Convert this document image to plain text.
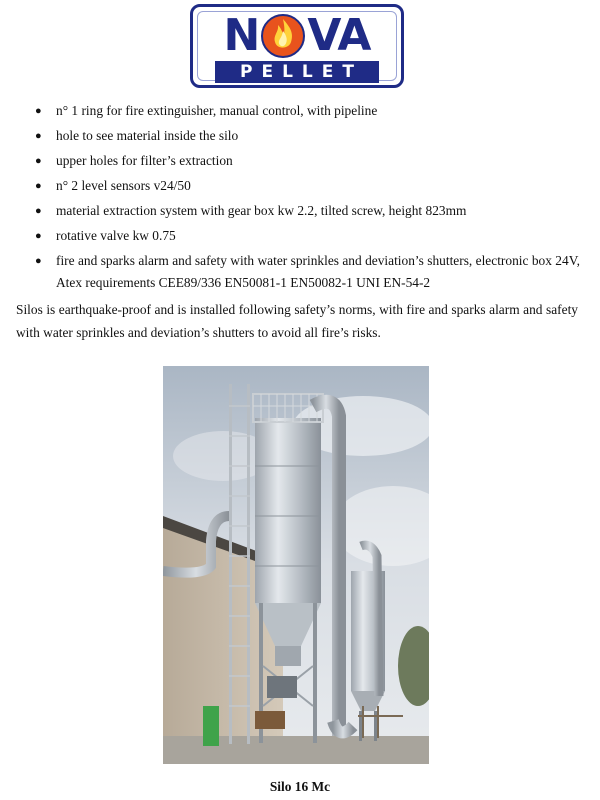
N VA
PELLET
● n° 1 ring for fire extinguisher, manual control, with pipeline
● hole to see material inside the silo
● upper holes for filter’s extraction
● n° 2 level sensors v24/50
● material extraction system with gear box kw 2.2, tilted screw, height 823mm
● rotative valve kw 0.75
● fire and sparks alarm and safety with water sprinkles and deviation’s shutters, electronic box 24V, Atex requirements CEE89/336 EN50081-1 EN50082-1 UNI EN-54-2

Silos is earthquake-proof and is installed following safety’s norms, with fire and sparks alarm and safety with water sprinkles and deviation’s shutters to avoid all fire’s risks.

Silo 16 Mc
